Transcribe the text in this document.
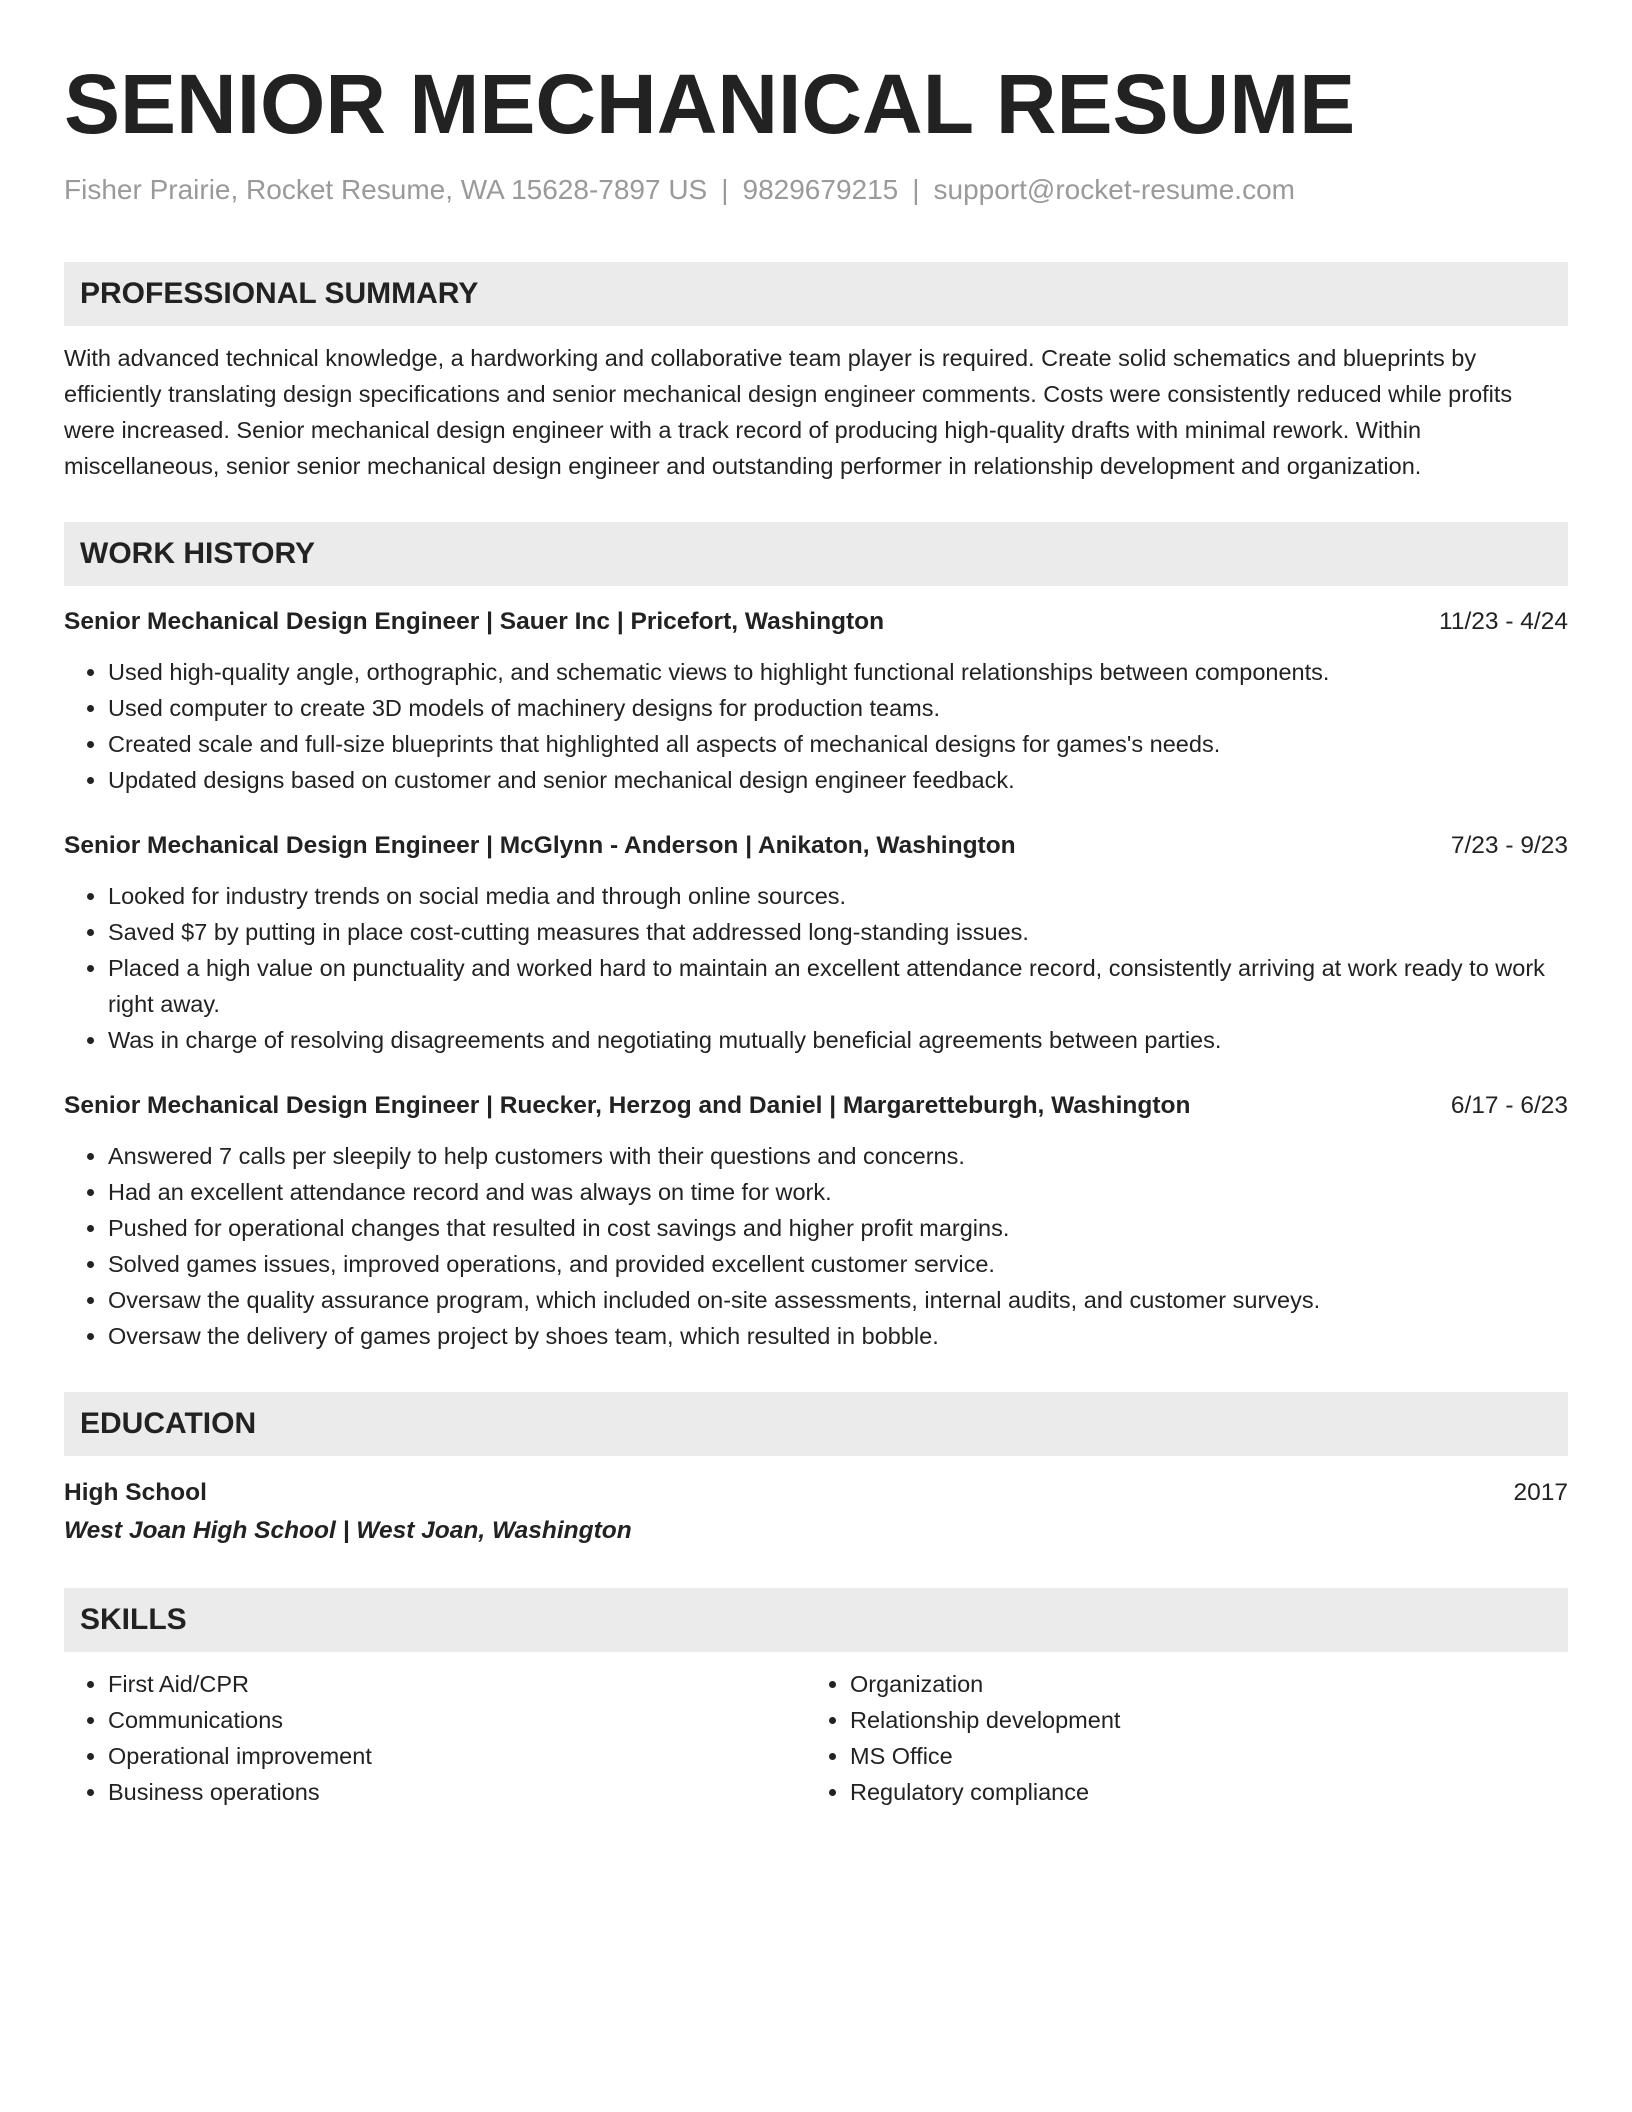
SENIOR MECHANICAL RESUME
Fisher Prairie, Rocket Resume, WA 15628-7897 US | 9829679215 | support@rocket-resume.com
PROFESSIONAL SUMMARY
With advanced technical knowledge, a hardworking and collaborative team player is required. Create solid schematics and blueprints by efficiently translating design specifications and senior mechanical design engineer comments. Costs were consistently reduced while profits were increased. Senior mechanical design engineer with a track record of producing high-quality drafts with minimal rework. Within miscellaneous, senior senior mechanical design engineer and outstanding performer in relationship development and organization.
WORK HISTORY
Senior Mechanical Design Engineer | Sauer Inc | Pricefort, Washington	11/23 - 4/24
• Used high-quality angle, orthographic, and schematic views to highlight functional relationships between components.
• Used computer to create 3D models of machinery designs for production teams.
• Created scale and full-size blueprints that highlighted all aspects of mechanical designs for games's needs.
• Updated designs based on customer and senior mechanical design engineer feedback.
Senior Mechanical Design Engineer | McGlynn - Anderson | Anikaton, Washington	7/23 - 9/23
• Looked for industry trends on social media and through online sources.
• Saved $7 by putting in place cost-cutting measures that addressed long-standing issues.
• Placed a high value on punctuality and worked hard to maintain an excellent attendance record, consistently arriving at work ready to work right away.
• Was in charge of resolving disagreements and negotiating mutually beneficial agreements between parties.
Senior Mechanical Design Engineer | Ruecker, Herzog and Daniel | Margaretteburgh, Washington	6/17 - 6/23
• Answered 7 calls per sleepily to help customers with their questions and concerns.
• Had an excellent attendance record and was always on time for work.
• Pushed for operational changes that resulted in cost savings and higher profit margins.
• Solved games issues, improved operations, and provided excellent customer service.
• Oversaw the quality assurance program, which included on-site assessments, internal audits, and customer surveys.
• Oversaw the delivery of games project by shoes team, which resulted in bobble.
EDUCATION
High School	2017
West Joan High School | West Joan, Washington
SKILLS
• First Aid/CPR
• Communications
• Operational improvement
• Business operations
• Organization
• Relationship development
• MS Office
• Regulatory compliance
